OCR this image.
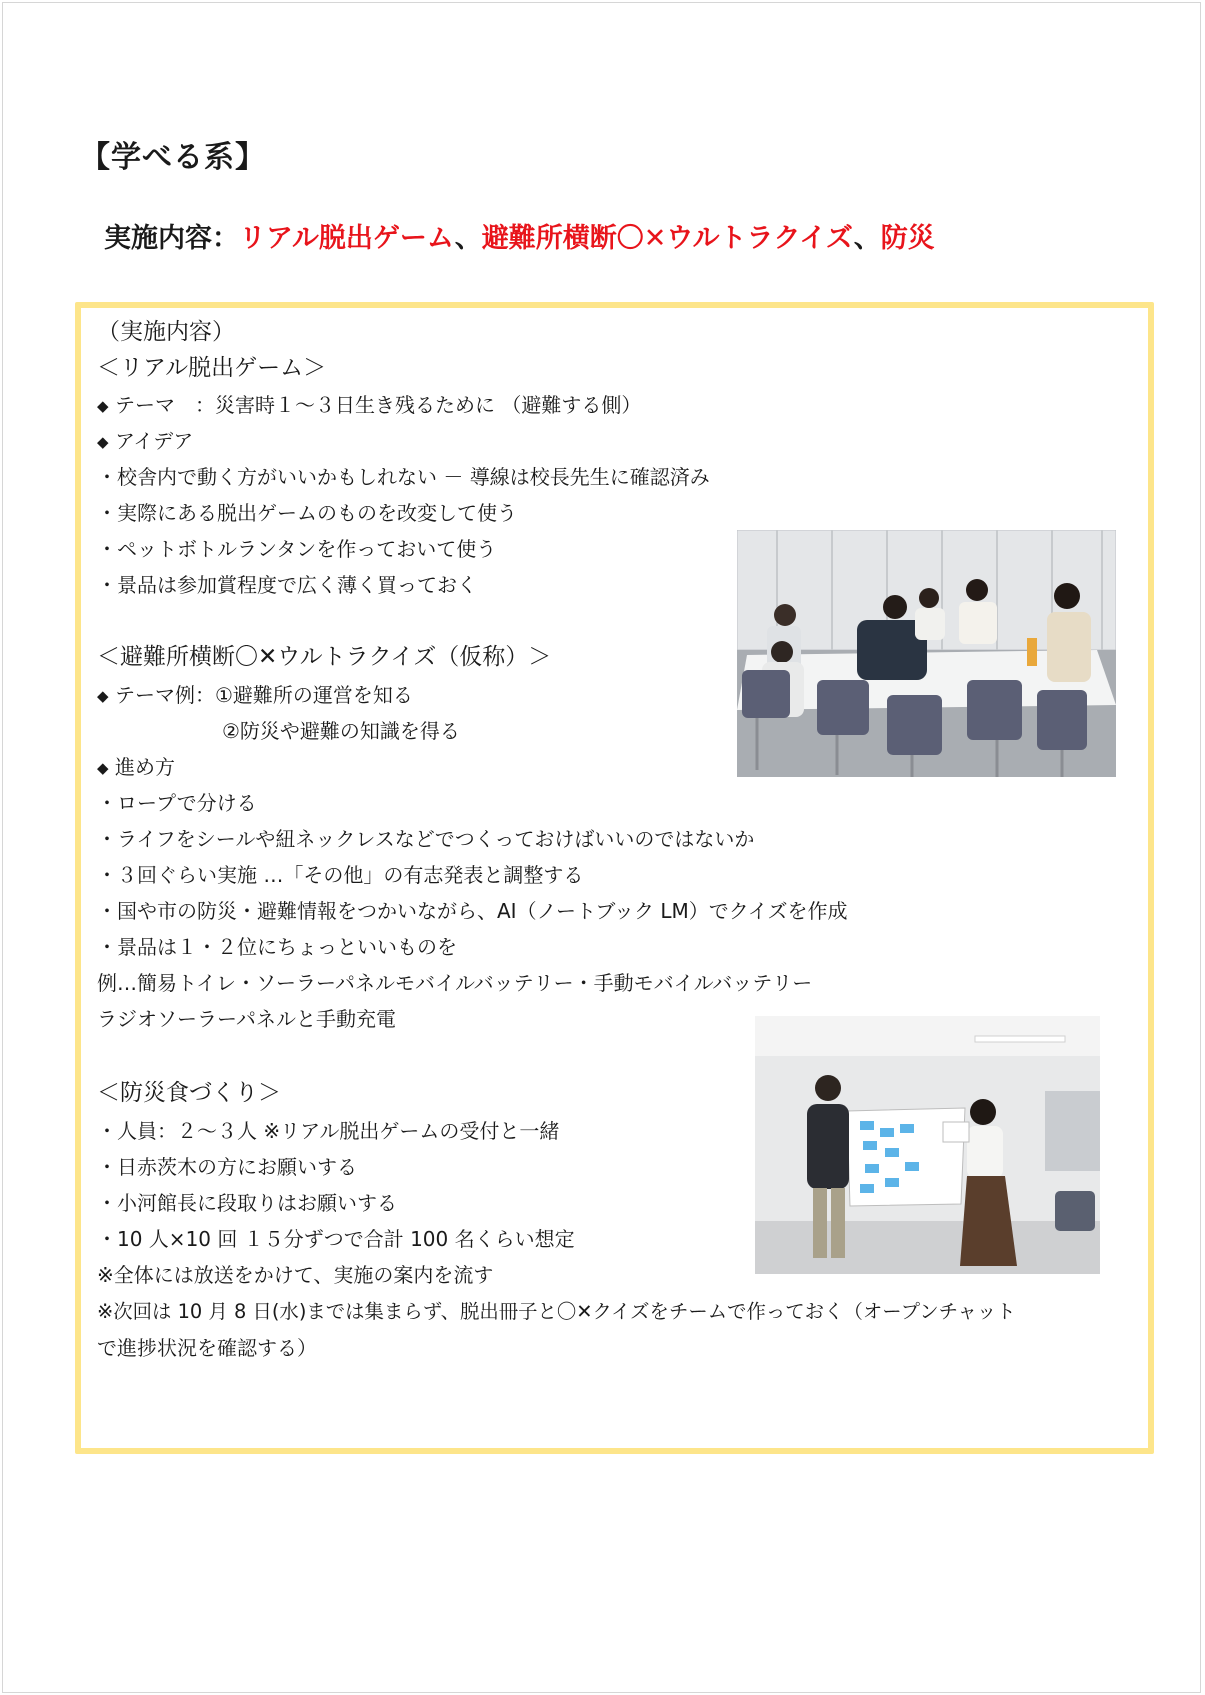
【学べる系】
実施内容：リアル脱出ゲーム、避難所横断〇✕ウルトラクイズ、防災
（実施内容）
＜リアル脱出ゲーム＞
◆ テーマ　：災害時１～３日生き残るために （避難する側）
◆ アイデア
・校舎内で動く方がいいかもしれない － 導線は校長先生に確認済み
・実際にある脱出ゲームのものを改変して使う
・ペットボトルランタンを作っておいて使う
・景品は参加賞程度で広く薄く買っておく
＜避難所横断〇✕ウルトラクイズ（仮称）＞
◆ テーマ例：①避難所の運営を知る
②防災や避難の知識を得る
◆ 進め方
・ロープで分ける
・ライフをシールや紐ネックレスなどでつくっておけばいいのではないか
・３回ぐらい実施 …「その他」の有志発表と調整する
・国や市の防災・避難情報をつかいながら、AI（ノートブック LM）でクイズを作成
・景品は１・２位にちょっといいものを
例…簡易トイレ・ソーラーパネルモバイルバッテリー・手動モバイルバッテリー
ラジオソーラーパネルと手動充電
＜防災食づくり＞
・人員：２～３人 ※リアル脱出ゲームの受付と一緒
・日赤茨木の方にお願いする
・小河館長に段取りはお願いする
・10 人×10 回 １５分ずつで合計 100 名くらい想定
※全体には放送をかけて、実施の案内を流す
※次回は 10 月 8 日(水)までは集まらず、脱出冊子と〇✕クイズをチームで作っておく（オープンチャット
で進捗状況を確認する）
